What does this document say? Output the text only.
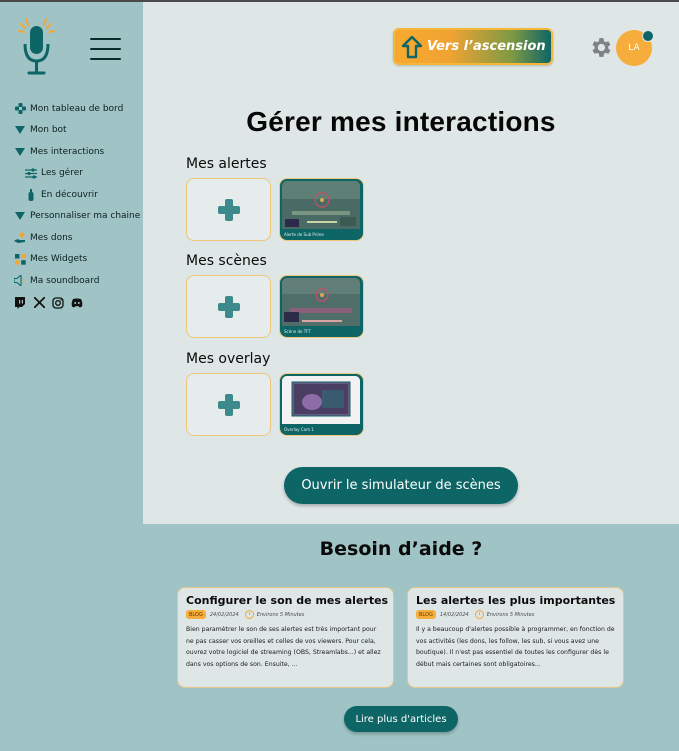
Mon tableau de bord
Mon bot
Mes interactions
Les gérer
En découvrir
Personnaliser ma chaine
Mes dons
Mes Widgets
Ma soundboard
Vers l’ascension	LA
Gérer mes interactions
Mes alertes
Alerte de Sub Prime
Mes scènes
Scène de TFT
Mes overlay
Overlay Cam 1
Ouvrir le simulateur de scènes
Besoin d’aide ?
Configurer le son de mes alertes
BLOG	24/02/2024	Environs 5 Minutes

Bien paramètrer le son de ses alertes est très important pour ne pas casser vos oreilles et celles de vos viewers. Pour cela, ouvrez votre logiciel de streaming (OBS, Streamlabs...) et allez dans vos options de son. Ensuite, ...

Les alertes les plus importantes
BLOG	14/02/2024	Environs 5 Minutes

Il y a beaucoup d'alertes possible à programmer, en fonction de vos activités (les dons, les follow, les sub, si vous avez une boutique). Il n'est pas essentiel de toutes les configurer dès le début mais certaines sont obligatoires...

Lire plus d'articles
